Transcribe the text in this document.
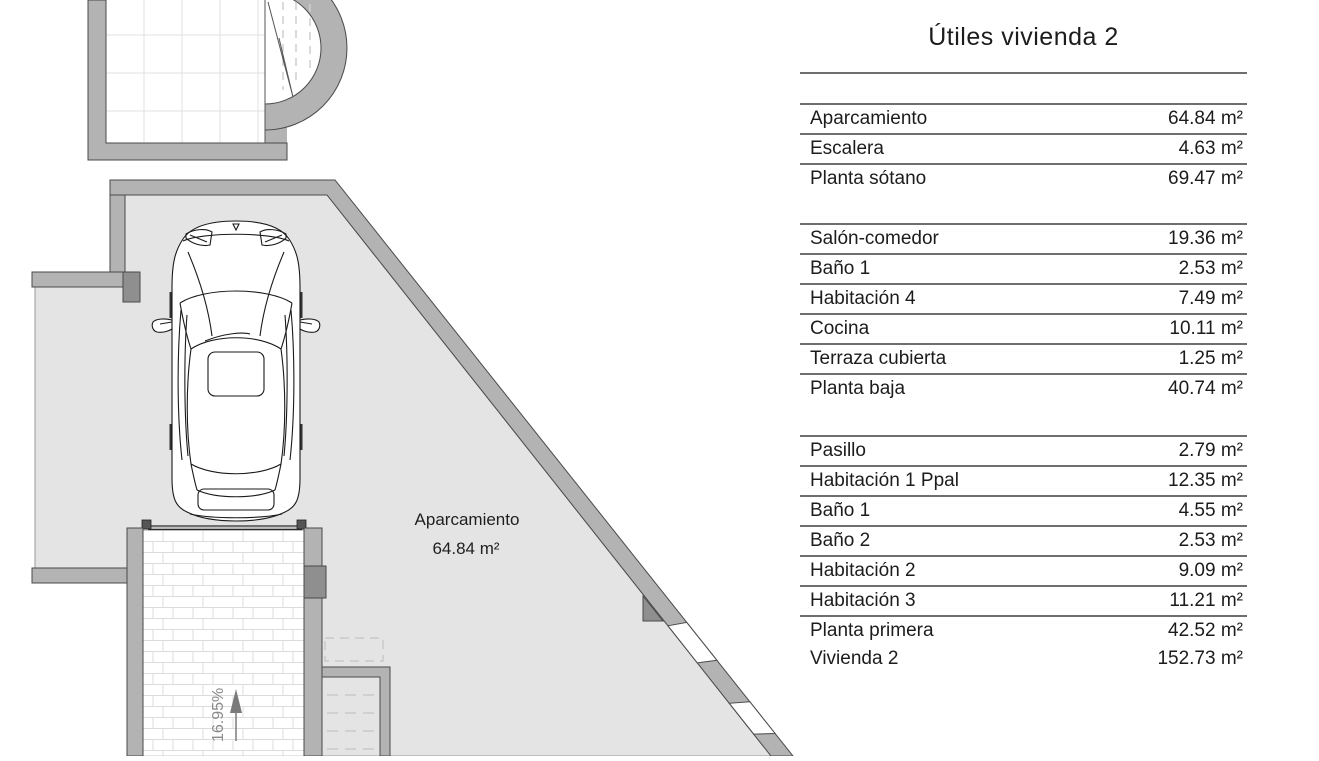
16.95%
Aparcamiento
64.84 m²
Útiles vivienda 2
Aparcamiento	64.84 m²
Escalera	4.63 m²
Planta sótano	69.47 m²
Salón-comedor	19.36 m²
Baño 1	2.53 m²
Habitación 4	7.49 m²
Cocina	10.11 m²
Terraza cubierta	1.25 m²
Planta baja	40.74 m²
Pasillo	2.79 m²
Habitación 1 Ppal	12.35 m²
Baño 1	4.55 m²
Baño 2	2.53 m²
Habitación 2	9.09 m²
Habitación 3	11.21 m²
Planta primera	42.52 m²
Vivienda 2	152.73 m²
